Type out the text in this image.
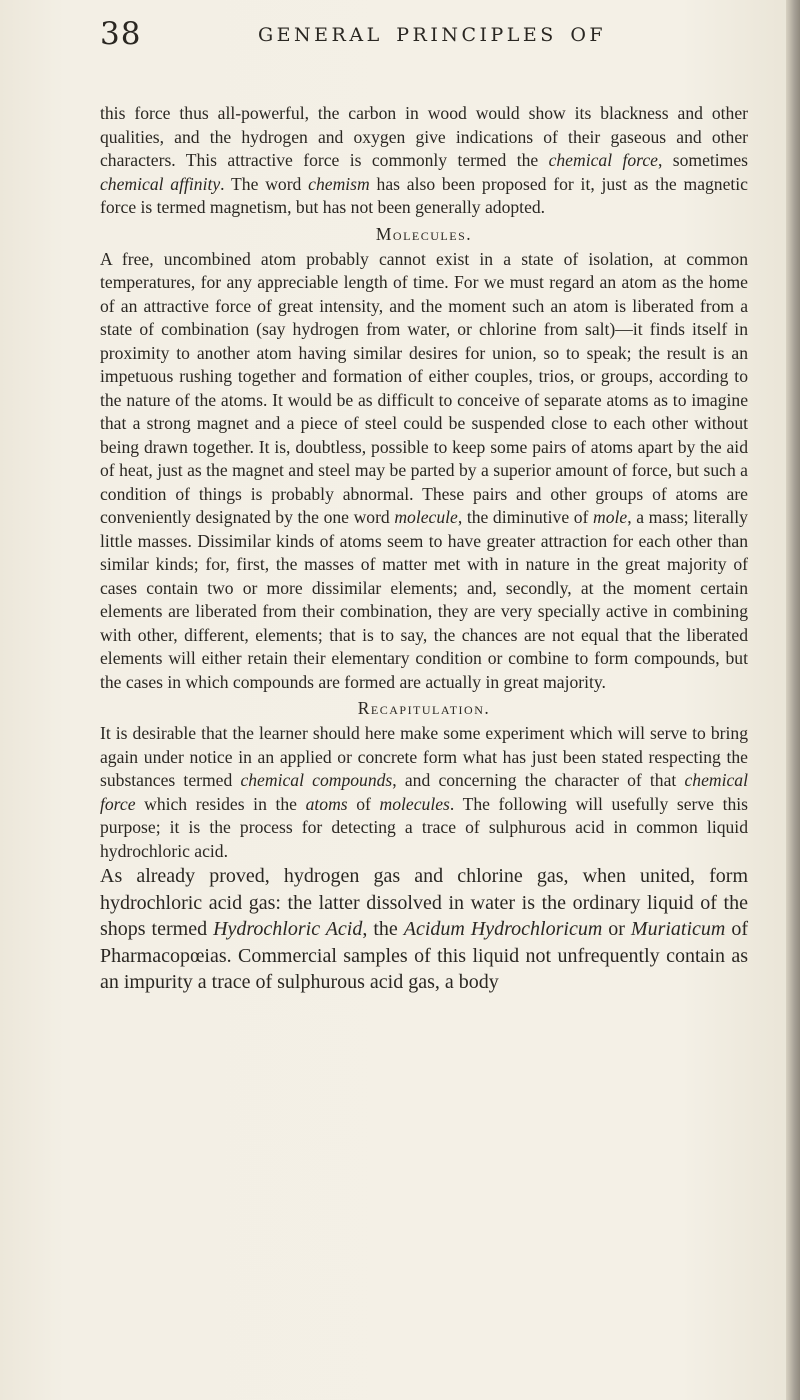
38	GENERAL PRINCIPLES OF

this force thus all-powerful, the carbon in wood would show its blackness and other qualities, and the hydrogen and oxygen give indications of their gaseous and other characters. This attractive force is commonly termed the chemical force, sometimes chemical affinity. The word chemism has also been proposed for it, just as the magnetic force is termed magnetism, but has not been generally adopted.

Molecules.

A free, uncombined atom probably cannot exist in a state of isolation, at common temperatures, for any appreciable length of time. For we must regard an atom as the home of an attractive force of great intensity, and the moment such an atom is liberated from a state of combination (say hydrogen from water, or chlorine from salt)—it finds itself in proximity to another atom having similar desires for union, so to speak; the result is an impetuous rushing together and formation of either couples, trios, or groups, according to the nature of the atoms. It would be as difficult to conceive of separate atoms as to imagine that a strong magnet and a piece of steel could be suspended close to each other without being drawn together. It is, doubtless, possible to keep some pairs of atoms apart by the aid of heat, just as the magnet and steel may be parted by a superior amount of force, but such a condition of things is probably abnormal. These pairs and other groups of atoms are conveniently designated by the one word molecule, the diminutive of mole, a mass; literally little masses. Dissimilar kinds of atoms seem to have greater attraction for each other than similar kinds; for, first, the masses of matter met with in nature in the great majority of cases contain two or more dissimilar elements; and, secondly, at the moment certain elements are liberated from their combination, they are very specially active in combining with other, different, elements; that is to say, the chances are not equal that the liberated elements will either retain their elementary condition or combine to form compounds, but the cases in which compounds are formed are actually in great majority.

Recapitulation.

It is desirable that the learner should here make some experiment which will serve to bring again under notice in an applied or concrete form what has just been stated respecting the substances termed chemical compounds, and concerning the character of that chemical force which resides in the atoms of molecules. The following will usefully serve this purpose; it is the process for detecting a trace of sulphurous acid in common liquid hydrochloric acid.

As already proved, hydrogen gas and chlorine gas, when united, form hydrochloric acid gas: the latter dissolved in water is the ordinary liquid of the shops termed Hydrochloric Acid, the Acidum Hydrochloricum or Muriaticum of Pharmacopœias. Commercial samples of this liquid not unfrequently contain as an impurity a trace of sulphurous acid gas, a body
